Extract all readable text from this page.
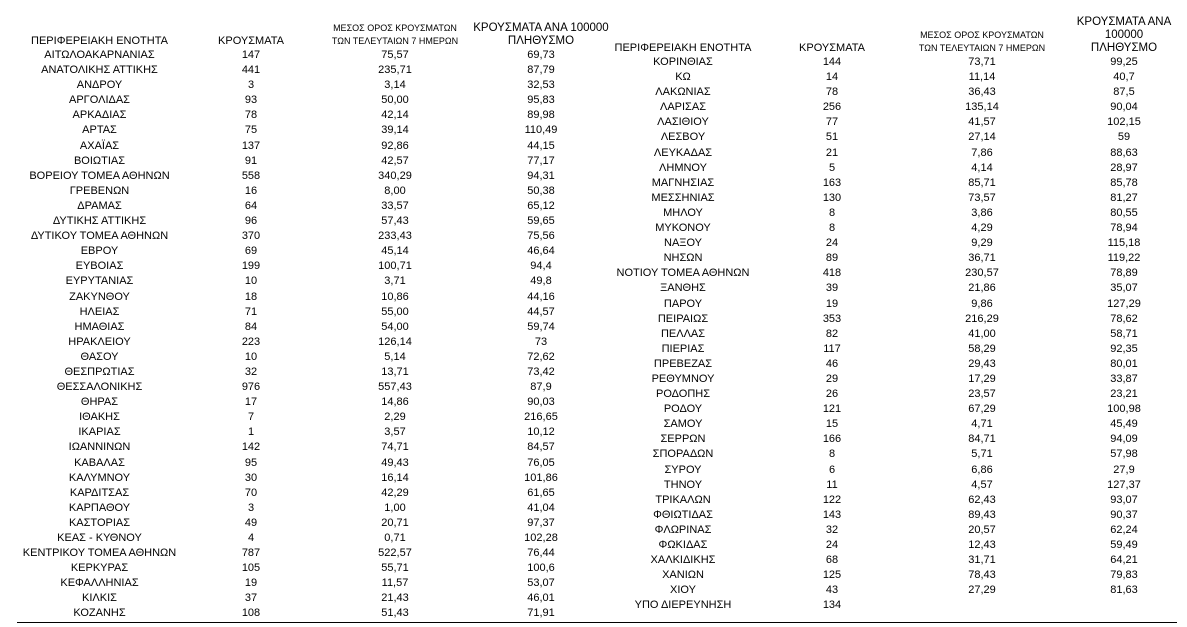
ΠΕΡΙΦΕΡΕΙΑΚΗ ΕΝΟΤΗΤΑ	ΚΡΟΥΣΜΑΤΑ	ΜΕΣΟΣ ΟΡΟΣ ΚΡΟΥΣΜΑΤΩΝ
ΤΩΝ ΤΕΛΕΥΤΑΙΩΝ 7 ΗΜΕΡΩΝ	ΚΡΟΥΣΜΑΤΑ ΑΝΑ 100000
ΠΛΗΘΥΣΜΟ
ΑΙΤΩΛΟΑΚΑΡΝΑΝΙΑΣ	147	75,57	69,73
ΑΝΑΤΟΛΙΚΗΣ ΑΤΤΙΚΗΣ	441	235,71	87,79
ΑΝΔΡΟΥ	3	3,14	32,53
ΑΡΓΟΛΙΔΑΣ	93	50,00	95,83
ΑΡΚΑΔΙΑΣ	78	42,14	89,98
ΑΡΤΑΣ	75	39,14	110,49
ΑΧΑΪΑΣ	137	92,86	44,15
ΒΟΙΩΤΙΑΣ	91	42,57	77,17
ΒΟΡΕΙΟΥ ΤΟΜΕΑ ΑΘΗΝΩΝ	558	340,29	94,31
ΓΡΕΒΕΝΩΝ	16	8,00	50,38
ΔΡΑΜΑΣ	64	33,57	65,12
ΔΥΤΙΚΗΣ ΑΤΤΙΚΗΣ	96	57,43	59,65
ΔΥΤΙΚΟΥ ΤΟΜΕΑ ΑΘΗΝΩΝ	370	233,43	75,56
ΕΒΡΟΥ	69	45,14	46,64
ΕΥΒΟΙΑΣ	199	100,71	94,4
ΕΥΡΥΤΑΝΙΑΣ	10	3,71	49,8
ΖΑΚΥΝΘΟΥ	18	10,86	44,16
ΗΛΕΙΑΣ	71	55,00	44,57
ΗΜΑΘΙΑΣ	84	54,00	59,74
ΗΡΑΚΛΕΙΟΥ	223	126,14	73
ΘΑΣΟΥ	10	5,14	72,62
ΘΕΣΠΡΩΤΙΑΣ	32	13,71	73,42
ΘΕΣΣΑΛΟΝΙΚΗΣ	976	557,43	87,9
ΘΗΡΑΣ	17	14,86	90,03
ΙΘΑΚΗΣ	7	2,29	216,65
ΙΚΑΡΙΑΣ	1	3,57	10,12
ΙΩΑΝΝΙΝΩΝ	142	74,71	84,57
ΚΑΒΑΛΑΣ	95	49,43	76,05
ΚΑΛΥΜΝΟΥ	30	16,14	101,86
ΚΑΡΔΙΤΣΑΣ	70	42,29	61,65
ΚΑΡΠΑΘΟΥ	3	1,00	41,04
ΚΑΣΤΟΡΙΑΣ	49	20,71	97,37
ΚΕΑΣ - ΚΥΘΝΟΥ	4	0,71	102,28
ΚΕΝΤΡΙΚΟΥ ΤΟΜΕΑ ΑΘΗΝΩΝ	787	522,57	76,44
ΚΕΡΚΥΡΑΣ	105	55,71	100,6
ΚΕΦΑΛΛΗΝΙΑΣ	19	11,57	53,07
ΚΙΛΚΙΣ	37	21,43	46,01
ΚΟΖΑΝΗΣ	108	51,43	71,91
ΠΕΡΙΦΕΡΕΙΑΚΗ ΕΝΟΤΗΤΑ	ΚΡΟΥΣΜΑΤΑ	ΜΕΣΟΣ ΟΡΟΣ ΚΡΟΥΣΜΑΤΩΝ
ΤΩΝ ΤΕΛΕΥΤΑΙΩΝ 7 ΗΜΕΡΩΝ	ΚΡΟΥΣΜΑΤΑ ΑΝΑ 100000
ΠΛΗΘΥΣΜΟ
ΚΟΡΙΝΘΙΑΣ	144	73,71	99,25
ΚΩ	14	11,14	40,7
ΛΑΚΩΝΙΑΣ	78	36,43	87,5
ΛΑΡΙΣΑΣ	256	135,14	90,04
ΛΑΣΙΘΙΟΥ	77	41,57	102,15
ΛΕΣΒΟΥ	51	27,14	59
ΛΕΥΚΑΔΑΣ	21	7,86	88,63
ΛΗΜΝΟΥ	5	4,14	28,97
ΜΑΓΝΗΣΙΑΣ	163	85,71	85,78
ΜΕΣΣΗΝΙΑΣ	130	73,57	81,27
ΜΗΛΟΥ	8	3,86	80,55
ΜΥΚΟΝΟΥ	8	4,29	78,94
ΝΑΞΟΥ	24	9,29	115,18
ΝΗΣΩΝ	89	36,71	119,22
ΝΟΤΙΟΥ ΤΟΜΕΑ ΑΘΗΝΩΝ	418	230,57	78,89
ΞΑΝΘΗΣ	39	21,86	35,07
ΠΑΡΟΥ	19	9,86	127,29
ΠΕΙΡΑΙΩΣ	353	216,29	78,62
ΠΕΛΛΑΣ	82	41,00	58,71
ΠΙΕΡΙΑΣ	117	58,29	92,35
ΠΡΕΒΕΖΑΣ	46	29,43	80,01
ΡΕΘΥΜΝΟΥ	29	17,29	33,87
ΡΟΔΟΠΗΣ	26	23,57	23,21
ΡΟΔΟΥ	121	67,29	100,98
ΣΑΜΟΥ	15	4,71	45,49
ΣΕΡΡΩΝ	166	84,71	94,09
ΣΠΟΡΑΔΩΝ	8	5,71	57,98
ΣΥΡΟΥ	6	6,86	27,9
ΤΗΝΟΥ	11	4,57	127,37
ΤΡΙΚΑΛΩΝ	122	62,43	93,07
ΦΘΙΩΤΙΔΑΣ	143	89,43	90,37
ΦΛΩΡΙΝΑΣ	32	20,57	62,24
ΦΩΚΙΔΑΣ	24	12,43	59,49
ΧΑΛΚΙΔΙΚΗΣ	68	31,71	64,21
ΧΑΝΙΩΝ	125	78,43	79,83
ΧΙΟΥ	43	27,29	81,63
ΥΠΟ ΔΙΕΡΕΥΝΗΣΗ	134		
